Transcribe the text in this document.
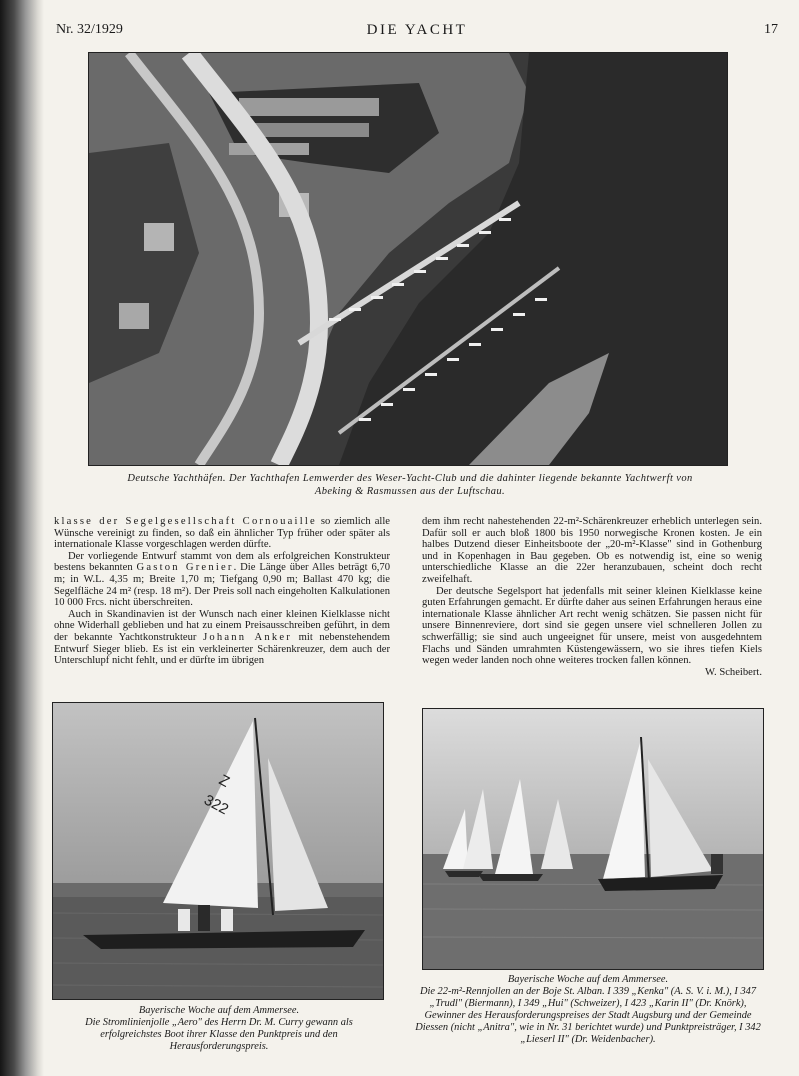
Nr. 32/1929	DIE YACHT	17
Deutsche Yachthäfen. Der Yachthafen Lemwerder des Weser-Yacht-Club und die dahinter liegende bekannte Yachtwerft von
Abeking & Rasmussen aus der Luftschau.

klasse der Segelgesellschaft Cornouaille so ziemlich alle Wünsche vereinigt zu finden, so daß ein ähnlicher Typ früher oder später als internationale Klasse vorgeschlagen werden dürfte.

Der vorliegende Entwurf stammt von dem als erfolgreichen Konstrukteur bestens bekannten Gaston Grenier. Die Länge über Alles beträgt 6,70 m; in W.L. 4,35 m; Breite 1,70 m; Tiefgang 0,90 m; Ballast 470 kg; die Segelfläche 24 m² (resp. 18 m²). Der Preis soll nach eingeholten Kalkulationen 10 000 Frcs. nicht überschreiten.

Auch in Skandinavien ist der Wunsch nach einer kleinen Kielklasse nicht ohne Widerhall geblieben und hat zu einem Preisausschreiben geführt, in dem der bekannte Yachtkonstrukteur Johann Anker mit nebenstehendem Entwurf Sieger blieb. Es ist ein verkleinerter Schärenkreuzer, dem auch der Unterschlupf nicht fehlt, und er dürfte im übrigen

dem ihm recht nahestehenden 22-m²-Schärenkreuzer erheblich unterlegen sein. Dafür soll er auch bloß 1800 bis 1950 norwegische Kronen kosten. Je ein halbes Dutzend dieser Einheitsboote der „20-m²-Klasse" sind in Gothenburg und in Kopenhagen in Bau gegeben. Ob es notwendig ist, eine so wenig unterschiedliche Klasse an die 22er heranzubauen, scheint doch recht zweifelhaft.

Der deutsche Segelsport hat jedenfalls mit seiner kleinen Kielklasse keine guten Erfahrungen gemacht. Er dürfte daher aus seinen Erfahrungen heraus eine internationale Klasse ähnlicher Art recht wenig schätzen. Sie passen nicht für unsere Binnenreviere, dort sind sie gegen unsere viel schnelleren Jollen zu schwerfällig; sie sind auch ungeeignet für unsere, meist von ausgedehntem Flachs und Sänden umrahmten Küstengewässern, wo sie ihres tiefen Kiels wegen weder landen noch ohne weiteres trocken fallen können.
W. Scheibert.

Z
322
Bayerische Woche auf dem Ammersee.
Die Stromlinienjolle „Aero" des Herrn Dr. M. Curry gewann als erfolgreichstes Boot ihrer Klasse den Punktpreis und den Herausforderungspreis.
Bayerische Woche auf dem Ammersee.
Die 22-m²-Rennjollen an der Boje St. Alban. I 339 „Kenka" (A. S. V. i. M.), I 347 „Trudl" (Biermann), I 349 „Hui" (Schweizer), I 423 „Karin II" (Dr. Knörk), Gewinner des Herausforderungspreises der Stadt Augsburg und der Gemeinde Diessen (nicht „Anitra", wie in Nr. 31 berichtet wurde) und Punktpreisträger, I 342 „Lieserl II" (Dr. Weidenbacher).
